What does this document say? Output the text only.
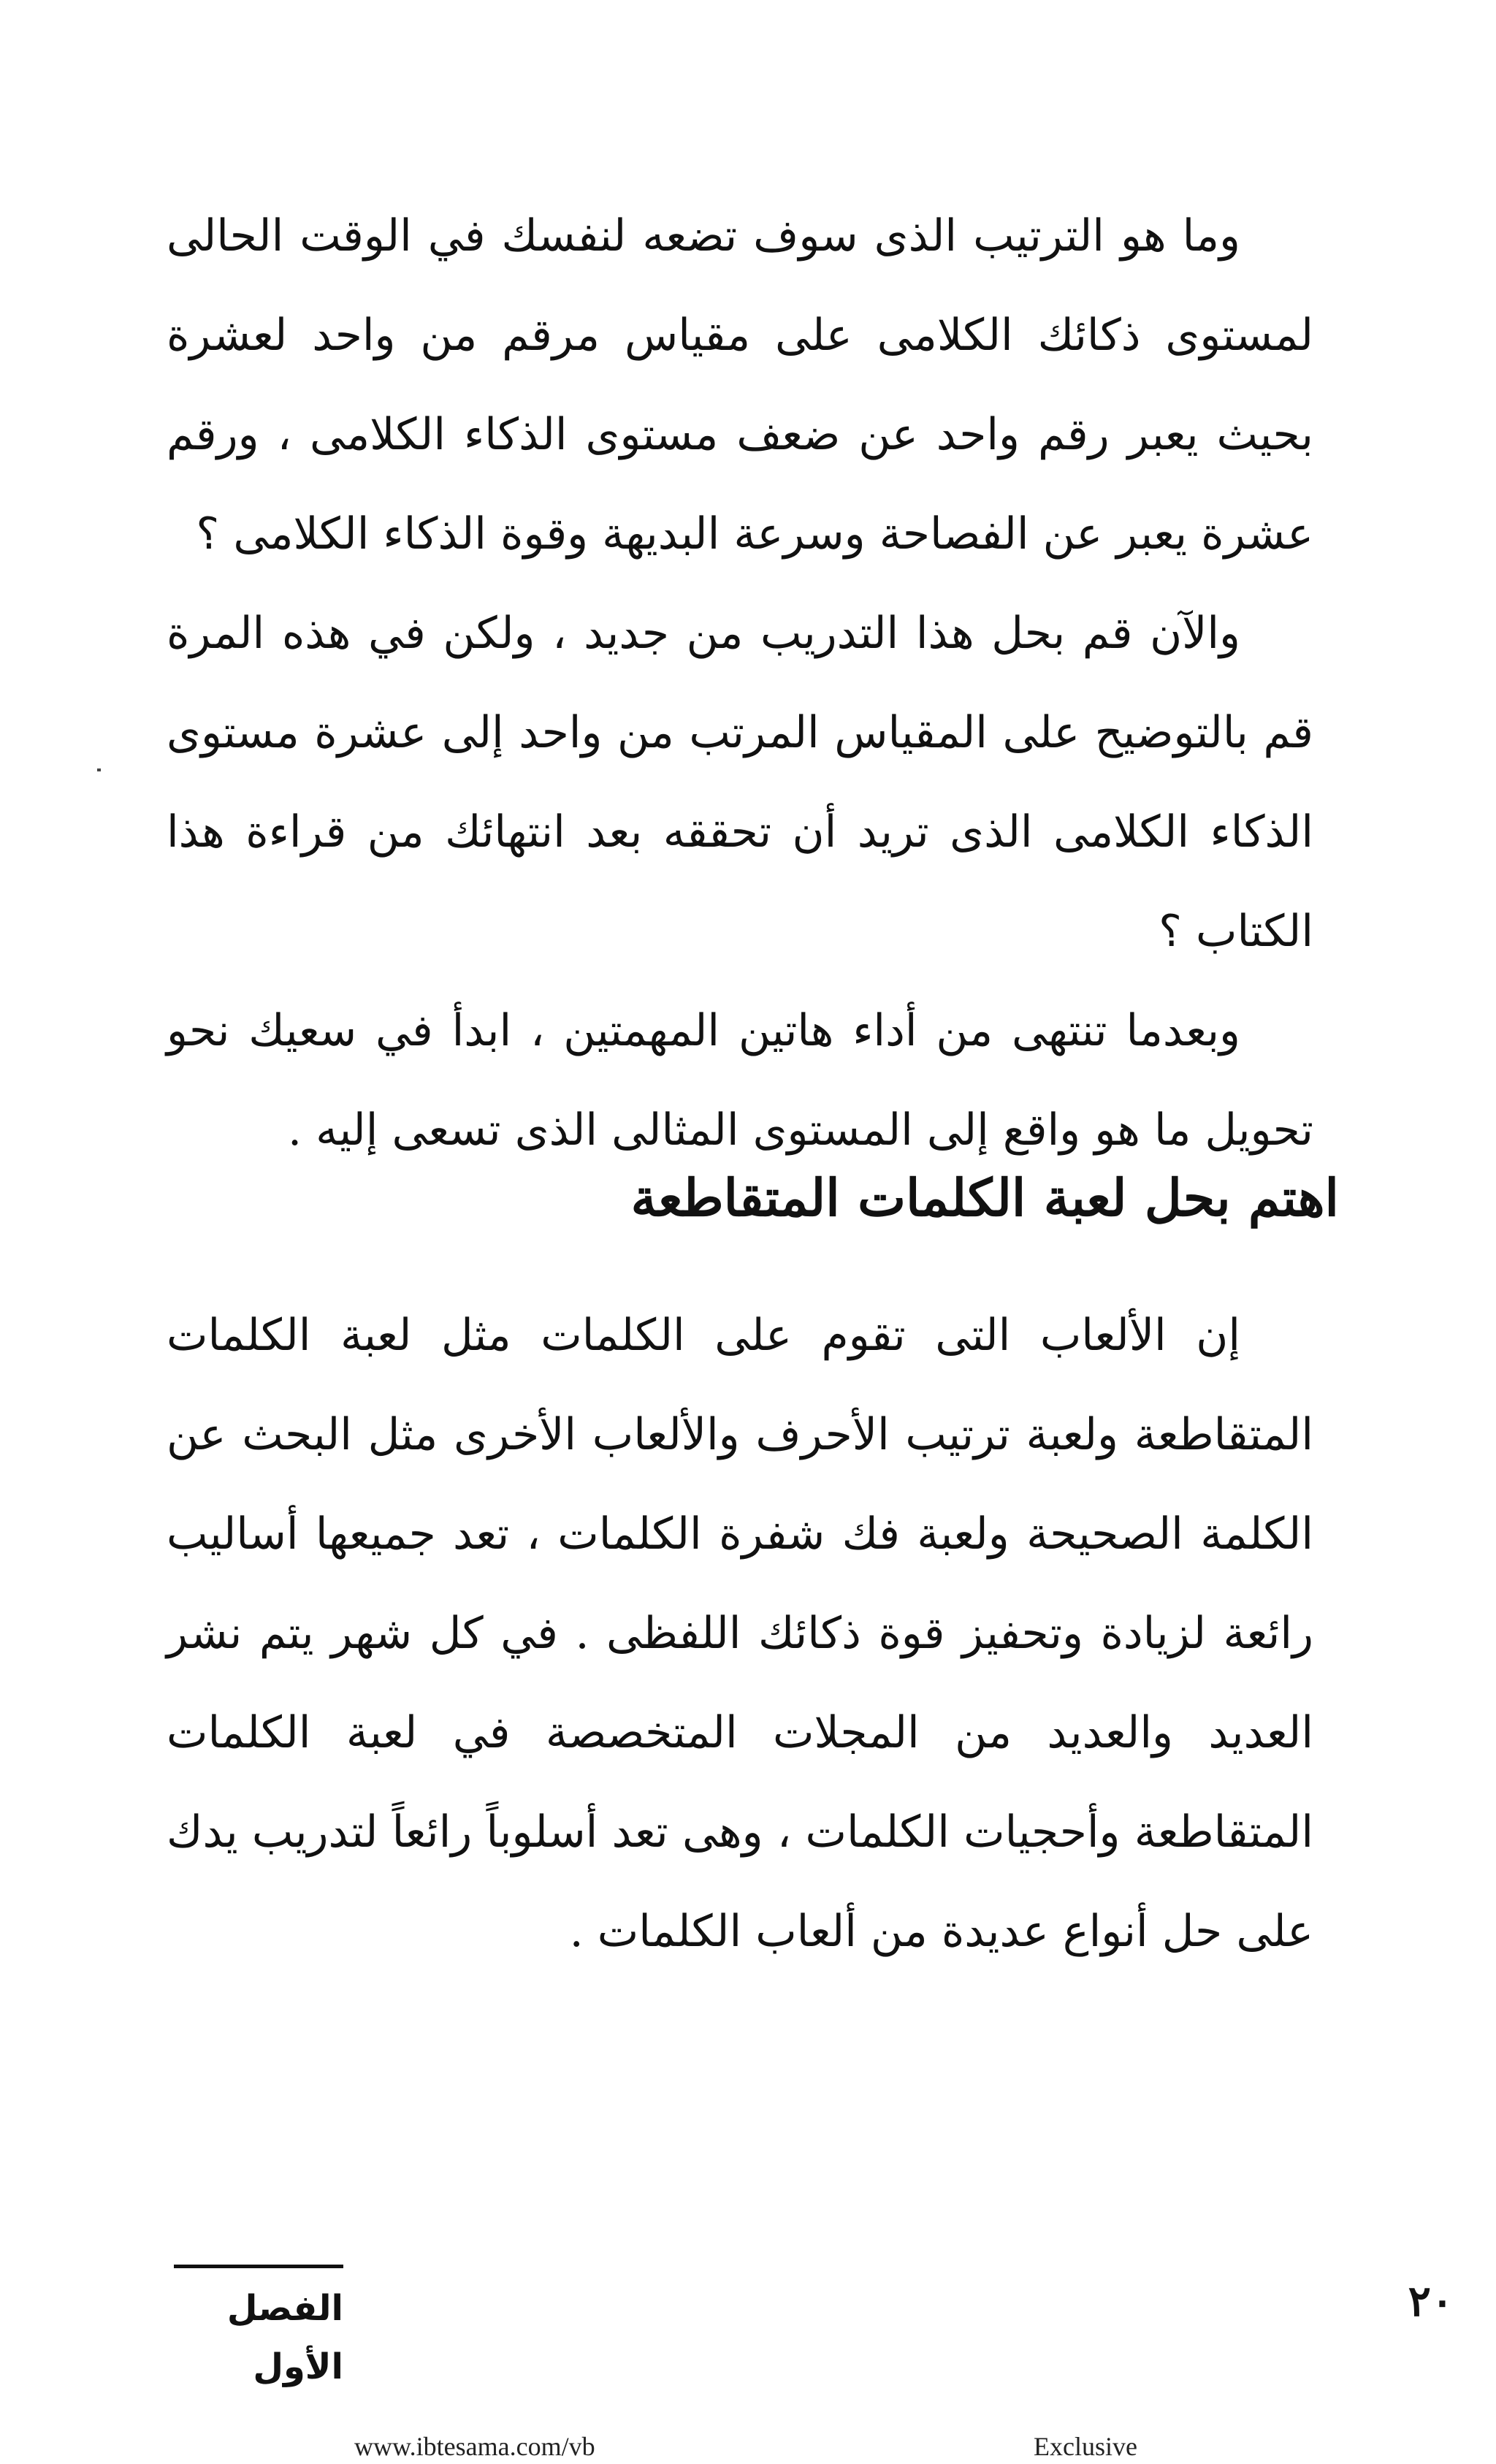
وما هو الترتيب الذى سوف تضعه لنفسك في الوقت الحالى لمستوى ذكائك الكلامى على مقياس مرقم من واحد لعشرة بحيث يعبر رقم واحد عن ضعف مستوى الذكاء الكلامى ، ورقم عشرة يعبر عن الفصاحة وسرعة البديهة وقوة الذكاء الكلامى ؟

والآن قم بحل هذا التدريب من جديد ، ولكن في هذه المرة قم بالتوضيح على المقياس المرتب من واحد إلى عشرة مستوى الذكاء الكلامى الذى تريد أن تحققه بعد انتهائك من قراءة هذا الكتاب ؟

وبعدما تنتهى من أداء هاتين المهمتين ، ابدأ في سعيك نحو تحويل ما هو واقع إلى المستوى المثالى الذى تسعى إليه .

اهتم بحل لعبة الكلمات المتقاطعة

إن الألعاب التى تقوم على الكلمات مثل لعبة الكلمات المتقاطعة ولعبة ترتيب الأحرف والألعاب الأخرى مثل البحث عن الكلمة الصحيحة ولعبة فك شفرة الكلمات ، تعد جميعها أساليب رائعة لزيادة وتحفيز قوة ذكائك اللفظى . في كل شهر يتم نشر العديد والعديد من المجلات المتخصصة في لعبة الكلمات المتقاطعة وأحجيات الكلمات ، وهى تعد أسلوباً رائعاً لتدريب يدك على حل أنواع عديدة من ألعاب الكلمات .

الفصل الأول
٢٠
www.ibtesama.com/vb	Exclusive
